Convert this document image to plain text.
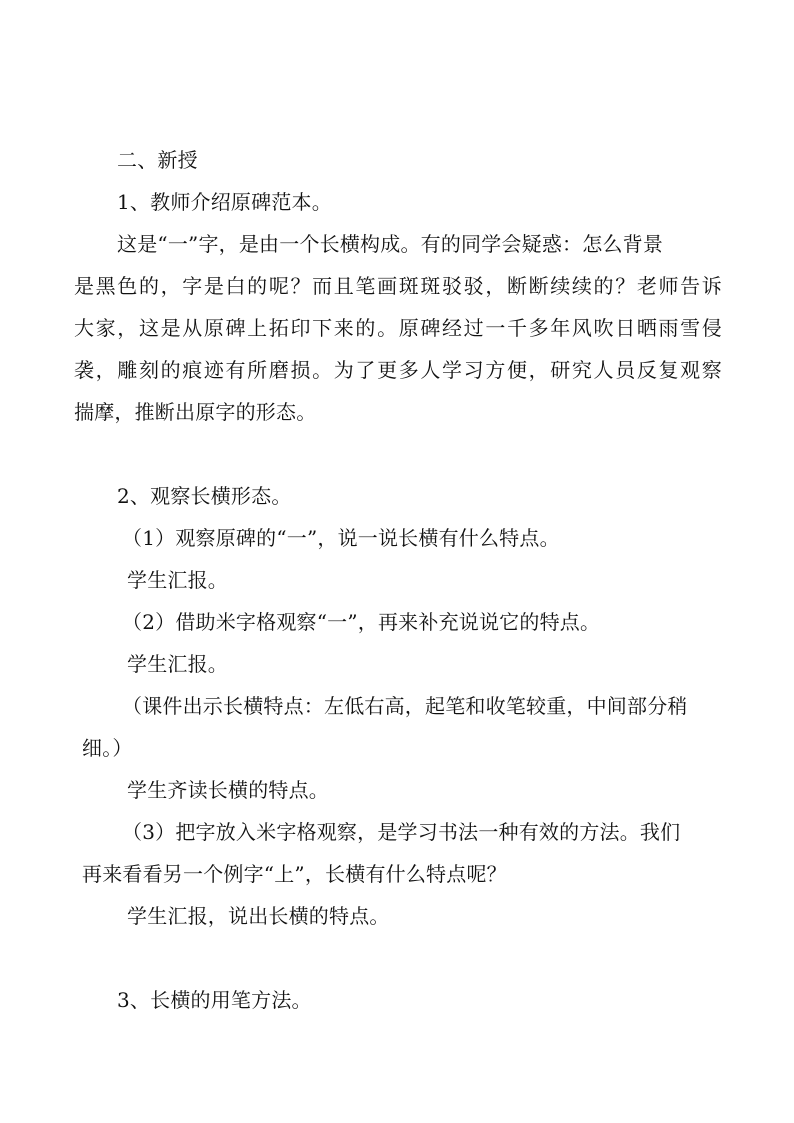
二、新授
1、教师介绍原碑范本。
这是“一”字，是由一个长横构成。有的同学会疑惑：怎么背景
是黑色的，字是白的呢？而且笔画斑斑驳驳，断断续续的？老师告诉
大家，这是从原碑上拓印下来的。原碑经过一千多年风吹日晒雨雪侵
袭，雕刻的痕迹有所磨损。为了更多人学习方便，研究人员反复观察
揣摩，推断出原字的形态。
2、观察长横形态。
（1）观察原碑的“一”，说一说长横有什么特点。
学生汇报。
（2）借助米字格观察“一”，再来补充说说它的特点。
学生汇报。
（课件出示长横特点：左低右高，起笔和收笔较重，中间部分稍
细。）
学生齐读长横的特点。
（3）把字放入米字格观察，是学习书法一种有效的方法。我们
再来看看另一个例字“上”，长横有什么特点呢？
学生汇报，说出长横的特点。
3、长横的用笔方法。
